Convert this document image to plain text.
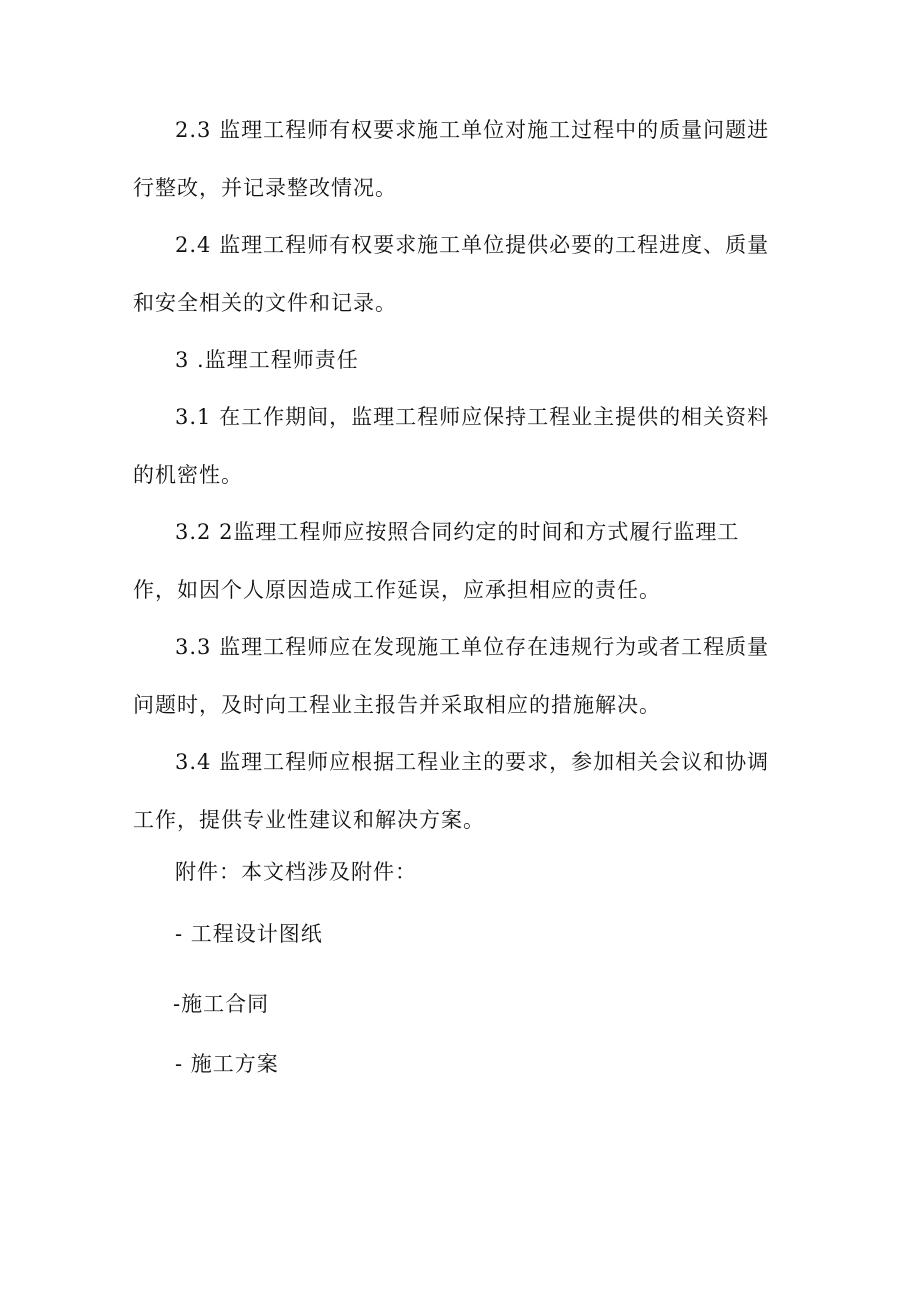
2.3 监理工程师有权要求施工单位对施工过程中的质量问题进行整改，并记录整改情况。

2.4 监理工程师有权要求施工单位提供必要的工程进度、质量和安全相关的文件和记录。

3 .监理工程师责任

3.1 在工作期间，监理工程师应保持工程业主提供的相关资料的机密性。

3.2 2监理工程师应按照合同约定的时间和方式履行监理工作，如因个人原因造成工作延误，应承担相应的责任。

3.3 监理工程师应在发现施工单位存在违规行为或者工程质量问题时，及时向工程业主报告并采取相应的措施解决。

3.4 监理工程师应根据工程业主的要求，参加相关会议和协调工作，提供专业性建议和解决方案。

附件：本文档涉及附件：

- 工程设计图纸

-施工合同

- 施工方案
